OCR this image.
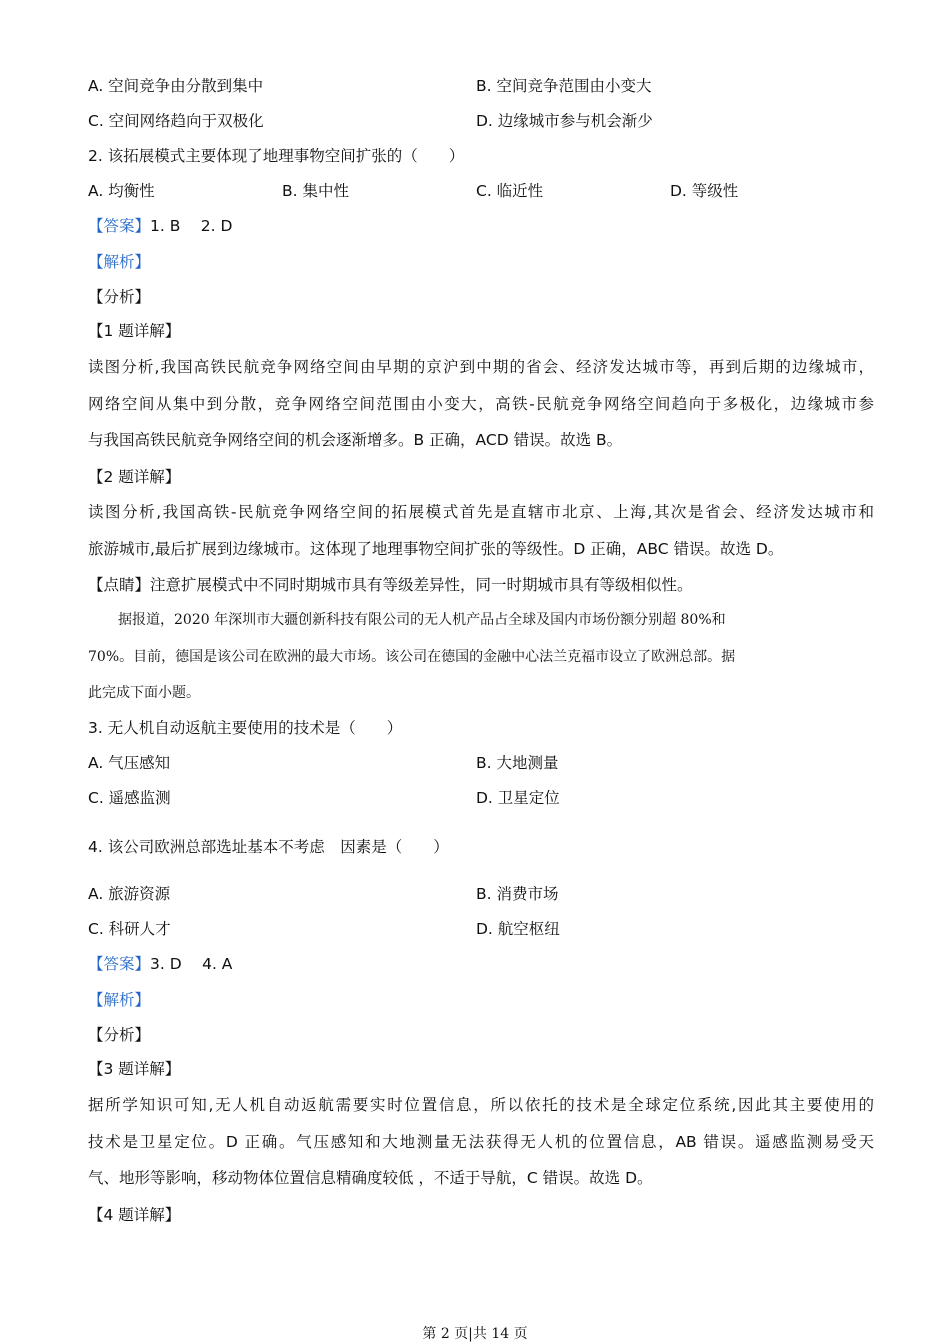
A. 空间竞争由分散到集中	B. 空间竞争范围由小变大
C. 空间网络趋向于双极化	D. 边缘城市参与机会渐少
2. 该拓展模式主要体现了地理事物空间扩张的（　　）
A. 均衡性	B. 集中性	C. 临近性	D. 等级性
【答案】1. B　 2. D
【解析】
【分析】
【1 题详解】
读图分析,我国高铁民航竞争网络空间由早期的京沪到中期的省会、经济发达城市等，再到后期的边缘城市，
网络空间从集中到分散，竞争网络空间范围由小变大，高铁-民航竞争网络空间趋向于多极化，边缘城市参
与我国高铁民航竞争网络空间的机会逐渐增多。B 正确，ACD 错误。故选 B。
【2 题详解】
读图分析,我国高铁-民航竞争网络空间的拓展模式首先是直辖市北京、上海,其次是省会、经济发达城市和
旅游城市,最后扩展到边缘城市。这体现了地理事物空间扩张的等级性。D 正确，ABC 错误。故选 D。
【点睛】注意扩展模式中不同时期城市具有等级差异性，同一时期城市具有等级相似性。
据报道，2020 年深圳市大疆创新科技有限公司的无人机产品占全球及国内市场份额分别超 80%和
70%。目前，德国是该公司在欧洲的最大市场。该公司在德国的金融中心法兰克福市设立了欧洲总部。据
此完成下面小题。
3. 无人机自动返航主要使用的技术是（　　）
A. 气压感知	B. 大地测量
C. 遥感监测	D. 卫星定位
4. 该公司欧洲总部选址基本不考虑　因素是（　　）
A. 旅游资源	B. 消费市场
C. 科研人才	D. 航空枢纽
【答案】3. D　 4. A
【解析】
【分析】
【3 题详解】
据所学知识可知,无人机自动返航需要实时位置信息，所以依托的技术是全球定位系统,因此其主要使用的
技术是卫星定位。D 正确。气压感知和大地测量无法获得无人机的位置信息，AB 错误。遥感监测易受天
气、地形等影响，移动物体位置信息精确度较低 ，不适于导航，C 错误。故选 D。
【4 题详解】
第 2 页|共 14 页
